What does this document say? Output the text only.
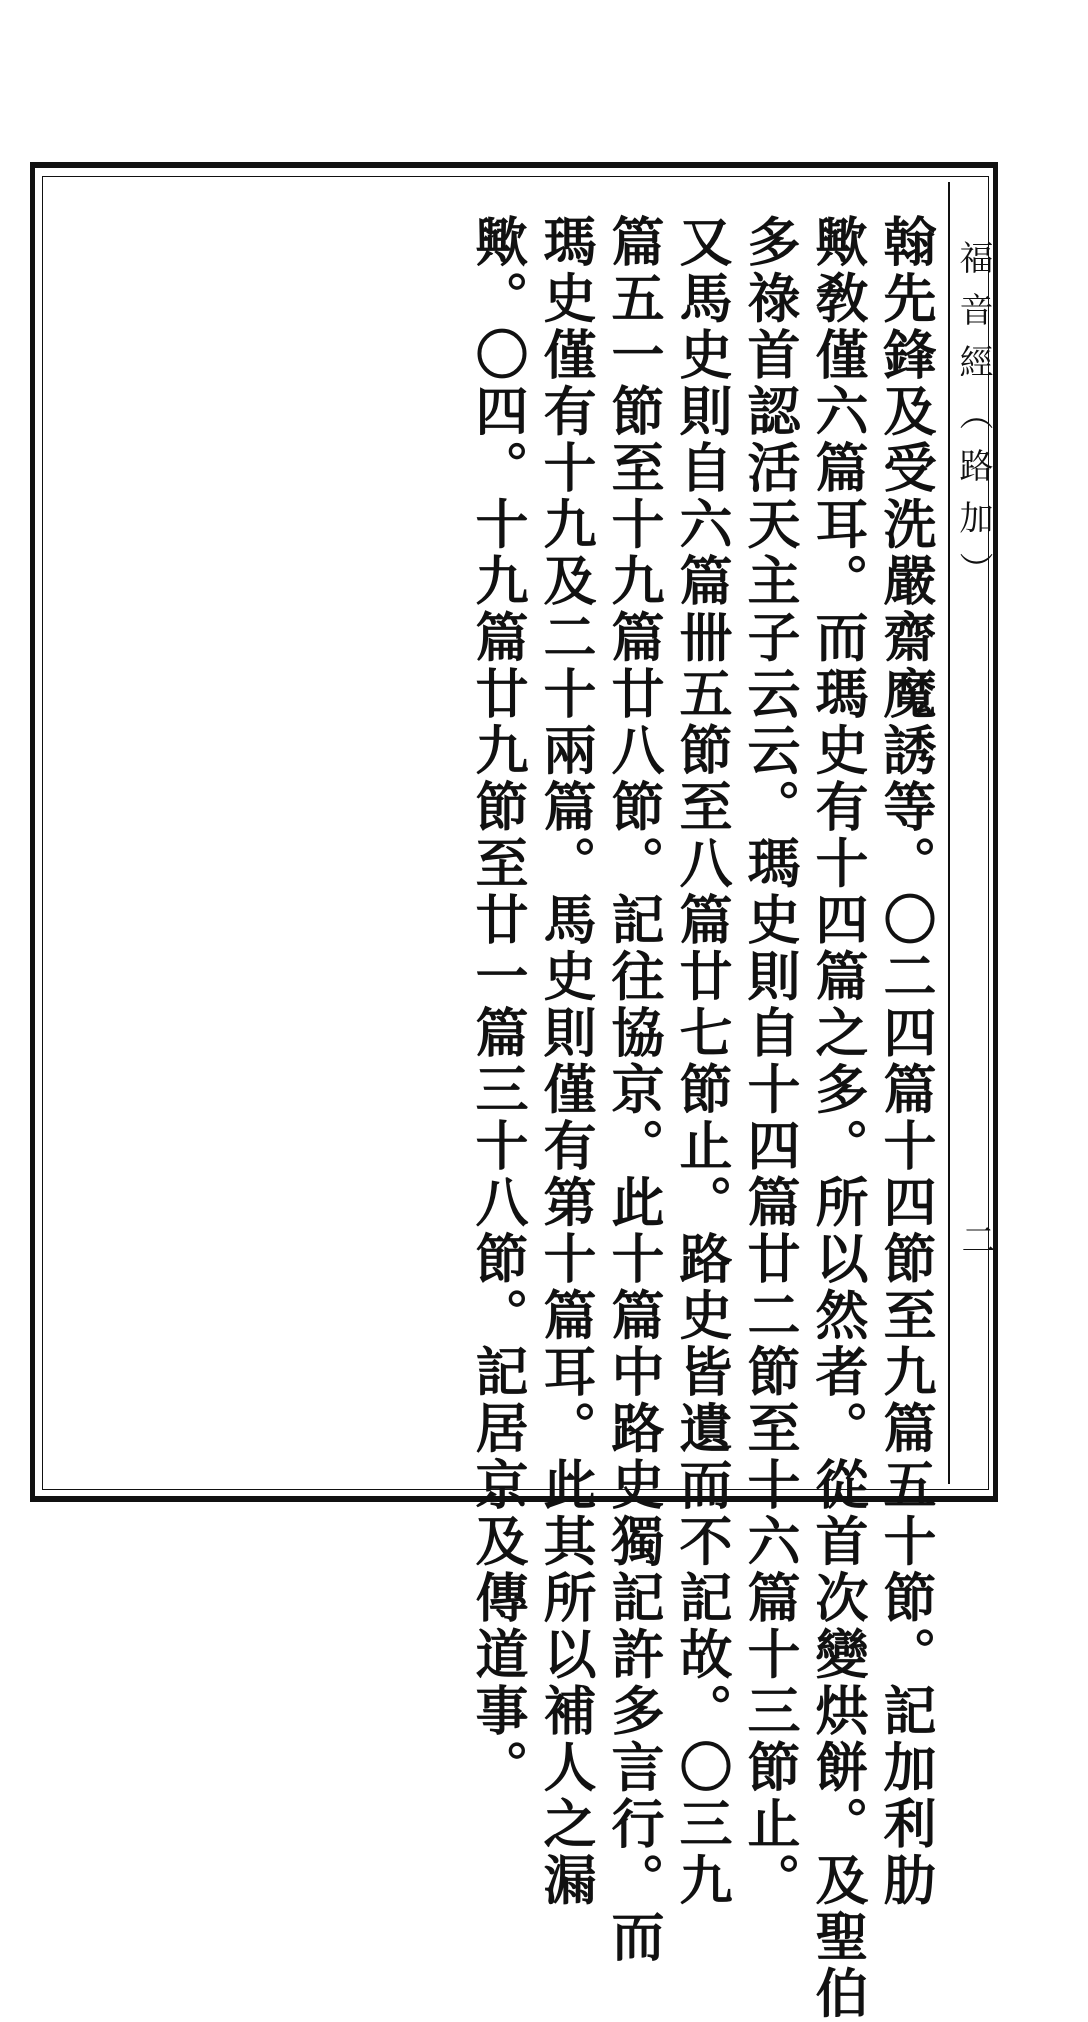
福音經（路加）
二
翰先鋒及受洗嚴齋魔誘等。〇二四篇十四節至九篇五十節。記加利肋
歟敎僅六篇耳。而瑪史有十四篇之多。所以然者。從首次變烘餅。及聖伯
多祿首認活天主子云云。瑪史則自十四篇廿二節至十六篇十三節止。
又馬史則自六篇卌五節至八篇廿七節止。路史皆遺而不記故。〇三九
篇五一節至十九篇廿八節。記往協京。此十篇中路史獨記許多言行。而
瑪史僅有十九及二十兩篇。馬史則僅有第十篇耳。此其所以補人之漏
歟。〇四。十九篇廿九節至廿一篇三十八節。記居京及傳道事。
